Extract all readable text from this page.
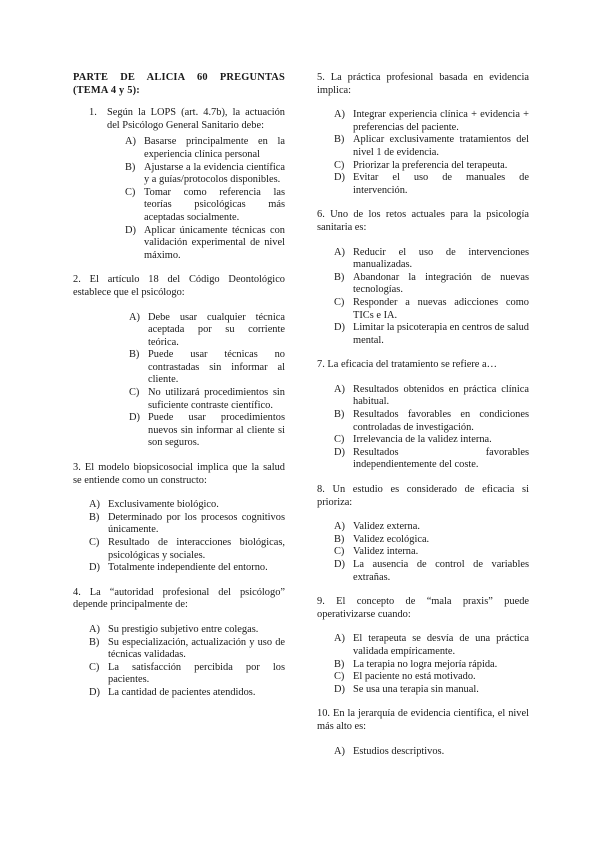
PARTE DE ALICIA 60 PREGUNTAS (TEMA 4 y 5):

1. Según la LOPS (art. 4.7b), la actuación del Psicólogo General Sanitario debe:
A) Basarse principalmente en la experiencia clínica personal
B) Ajustarse a la evidencia científica y a guías/protocolos disponibles.
C) Tomar como referencia las teorías psicológicas más aceptadas socialmente.
D) Aplicar únicamente técnicas con validación experimental de nivel máximo.

2. El artículo 18 del Código Deontológico establece que el psicólogo:

A) Debe usar cualquier técnica aceptada por su corriente teórica.
B) Puede usar técnicas no contrastadas sin informar al cliente.
C) No utilizará procedimientos sin suficiente contraste científico.
D) Puede usar procedimientos nuevos sin informar al cliente si son seguros.

3. El modelo biopsicosocial implica que la salud se entiende como un constructo:

A) Exclusivamente biológico.
B) Determinado por los procesos cognitivos únicamente.
C) Resultado de interacciones biológicas, psicológicas y sociales.
D) Totalmente independiente del entorno.

4. La “autoridad profesional del psicólogo” depende principalmente de:

A) Su prestigio subjetivo entre colegas.
B) Su especialización, actualización y uso de técnicas validadas.
C) La satisfacción percibida por los pacientes.
D) La cantidad de pacientes atendidos.

5. La práctica profesional basada en evidencia implica:

A) Integrar experiencia clínica + evidencia + preferencias del paciente.
B) Aplicar exclusivamente tratamientos del nivel 1 de evidencia.
C) Priorizar la preferencia del terapeuta.
D) Evitar el uso de manuales de intervención.

6. Uno de los retos actuales para la psicología sanitaria es:

A) Reducir el uso de intervenciones manualizadas.
B) Abandonar la integración de nuevas tecnologías.
C) Responder a nuevas adicciones como TICs e IA.
D) Limitar la psicoterapia en centros de salud mental.

7. La eficacia del tratamiento se refiere a…

A) Resultados obtenidos en práctica clínica habitual.
B) Resultados favorables en condiciones controladas de investigación.
C) Irrelevancia de la validez interna.
D) Resultados favorables independientemente del coste.

8. Un estudio es considerado de eficacia si prioriza:

A) Validez externa.
B) Validez ecológica.
C) Validez interna.
D) La ausencia de control de variables extrañas.

9. El concepto de “mala praxis” puede operativizarse cuando:

A) El terapeuta se desvía de una práctica validada empíricamente.
B) La terapia no logra mejoría rápida.
C) El paciente no está motivado.
D) Se usa una terapia sin manual.

10. En la jerarquía de evidencia científica, el nivel más alto es:

A) Estudios descriptivos.
